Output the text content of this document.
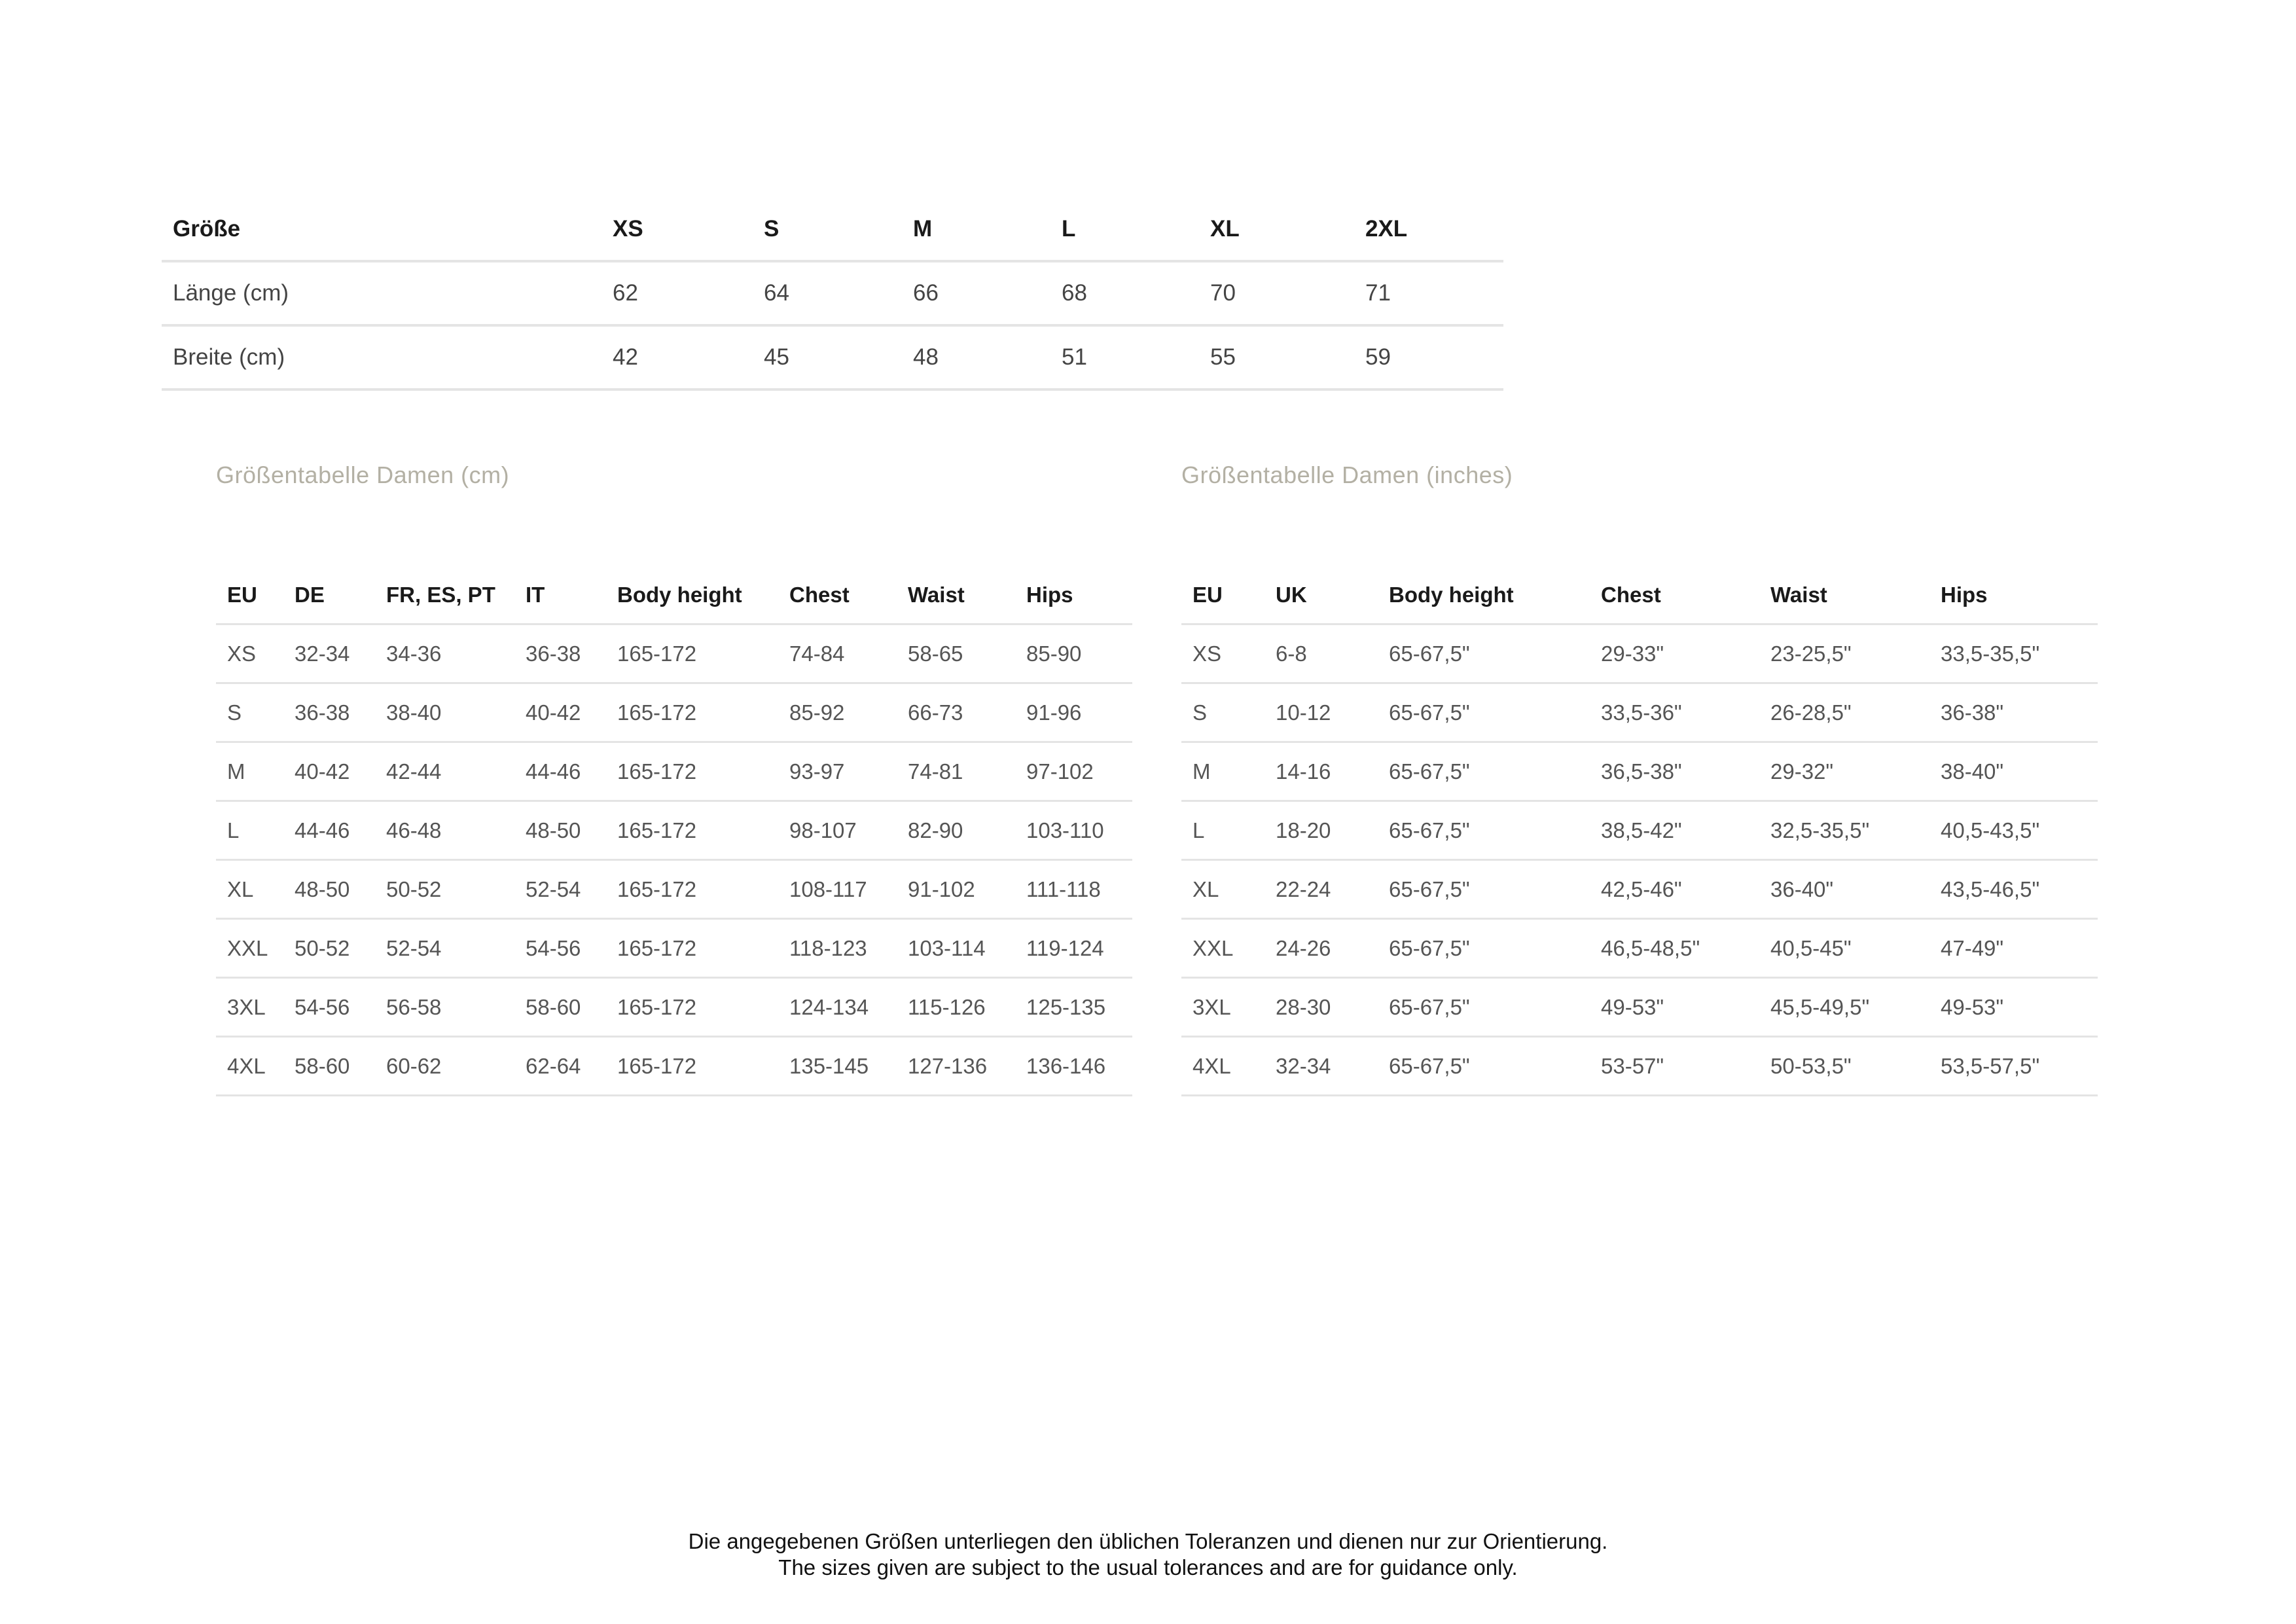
Größe	XS	S	M	L	XL	2XL
Länge (cm)	62	64	66	68	70	71
Breite (cm)	42	45	48	51	55	59
Größentabelle Damen (cm)
EU	DE	FR, ES, PT	IT	Body height	Chest	Waist	Hips
XS	32-34	34-36	36-38	165-172	74-84	58-65	85-90
S	36-38	38-40	40-42	165-172	85-92	66-73	91-96
M	40-42	42-44	44-46	165-172	93-97	74-81	97-102
L	44-46	46-48	48-50	165-172	98-107	82-90	103-110
XL	48-50	50-52	52-54	165-172	108-117	91-102	111-118
XXL	50-52	52-54	54-56	165-172	118-123	103-114	119-124
3XL	54-56	56-58	58-60	165-172	124-134	115-126	125-135
4XL	58-60	60-62	62-64	165-172	135-145	127-136	136-146
Größentabelle Damen (inches)
EU	UK	Body height	Chest	Waist	Hips
XS	6-8	65-67,5"	29-33"	23-25,5"	33,5-35,5"
S	10-12	65-67,5"	33,5-36"	26-28,5"	36-38"
M	14-16	65-67,5"	36,5-38"	29-32"	38-40"
L	18-20	65-67,5"	38,5-42"	32,5-35,5"	40,5-43,5"
XL	22-24	65-67,5"	42,5-46"	36-40"	43,5-46,5"
XXL	24-26	65-67,5"	46,5-48,5"	40,5-45"	47-49"
3XL	28-30	65-67,5"	49-53"	45,5-49,5"	49-53"
4XL	32-34	65-67,5"	53-57"	50-53,5"	53,5-57,5"

Die angegebenen Größen unterliegen den üblichen Toleranzen und dienen nur zur Orientierung.

The sizes given are subject to the usual tolerances and are for guidance only.
